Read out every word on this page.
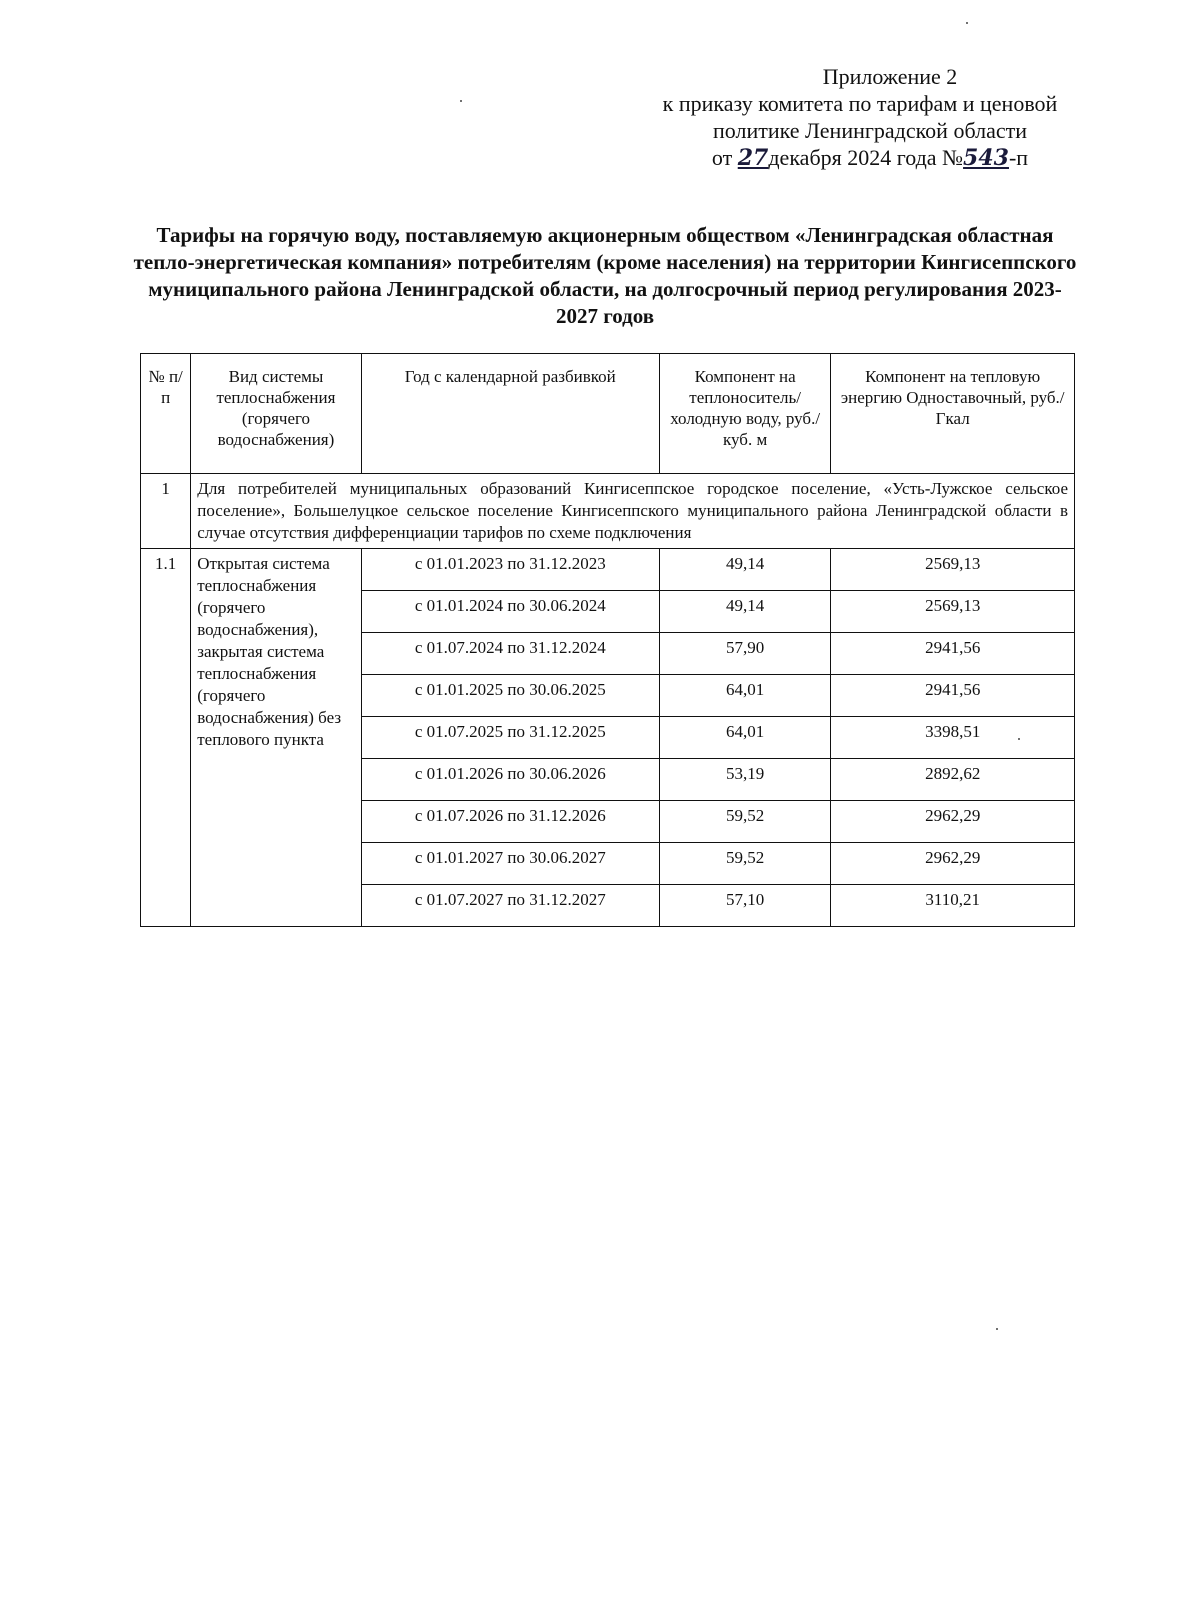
Приложение 2
к приказу комитета по тарифам и ценовой
политике Ленинградской области
от 27декабря 2024 года №543-п
Тарифы на горячую воду, поставляемую акционерным обществом «Ленинградская областная тепло-энергетическая компания» потребителям (кроме населения) на территории Кингисеппского муниципального района Ленинградской области, на долгосрочный период регулирования 2023-2027 годов
№ п/п	Вид системы теплоснабжения (горячего водоснабжения)	Год с календарной разбивкой	Компонент на теплоноситель/холодную воду, руб./куб. м	Компонент на тепловую энергию Одноставочный, руб./Гкал
1	Для потребителей муниципальных образований Кингисеппское городское поселение, «Усть-Лужское сельское поселение», Большелуцкое сельское поселение Кингисеппского муниципального района Ленинградской области в случае отсутствия дифференциации тарифов по схеме подключения			
1.1	Открытая система теплоснабжения (горячего водоснабжения), закрытая система теплоснабжения (горячего водоснабжения) без теплового пункта	с 01.01.2023 по 31.12.2023	49,14	2569,13
		с 01.01.2024 по 30.06.2024	49,14	2569,13
		с 01.07.2024 по 31.12.2024	57,90	2941,56
		с 01.01.2025 по 30.06.2025	64,01	2941,56
		с 01.07.2025 по 31.12.2025	64,01	3398,51
		с 01.01.2026 по 30.06.2026	53,19	2892,62
		с 01.07.2026 по 31.12.2026	59,52	2962,29
		с 01.01.2027 по 30.06.2027	59,52	2962,29
		с 01.07.2027 по 31.12.2027	57,10	3110,21
